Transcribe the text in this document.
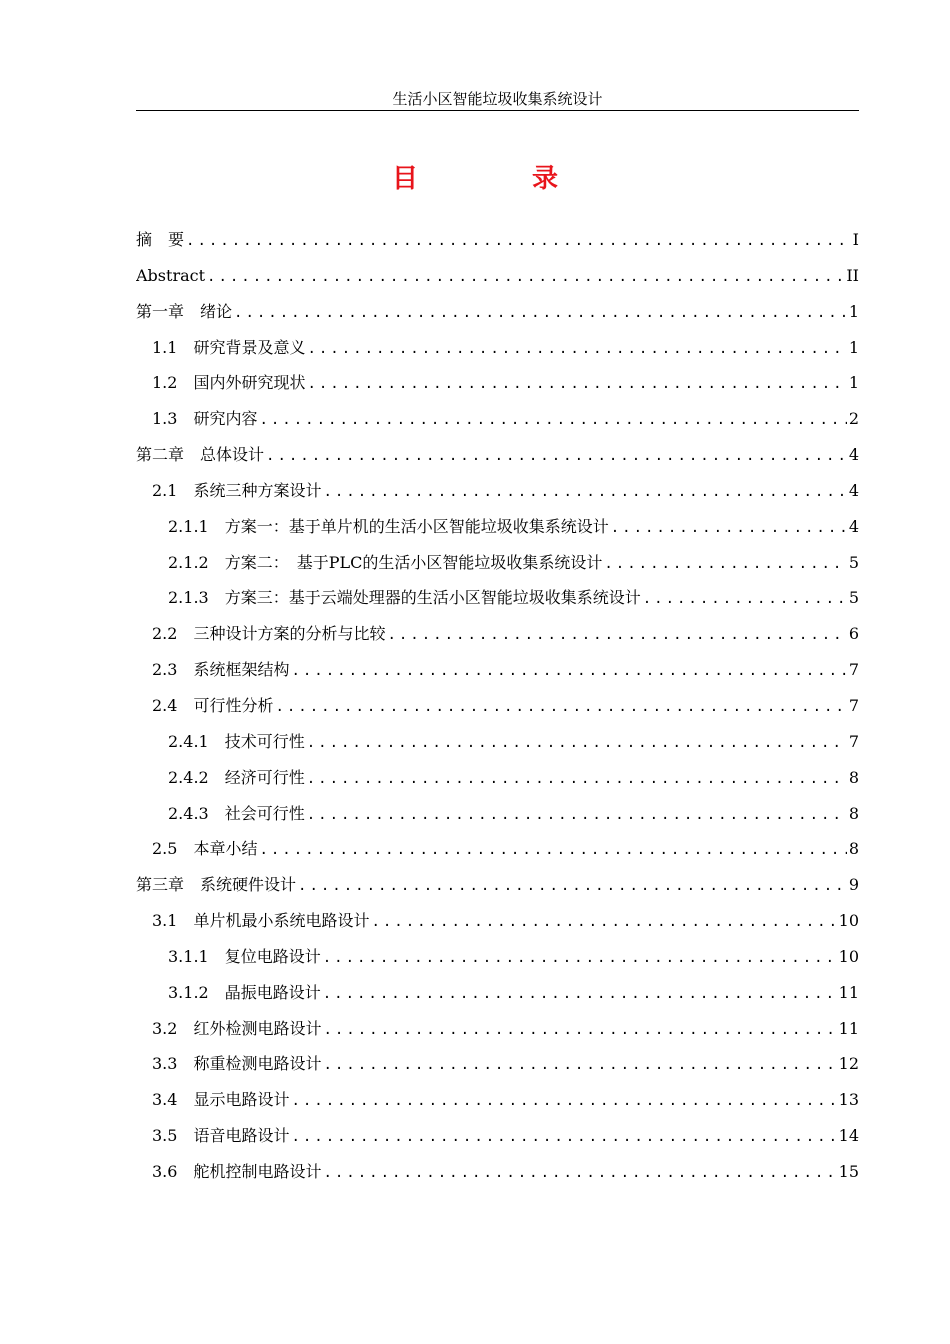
生活小区智能垃圾收集系统设计
目　录
摘　要 .....	I
Abstract .....	II
第一章　绪论 .....	1
1.1　研究背景及意义 .....	1
1.2　国内外研究现状 .....	1
1.3　研究内容 .....	2
第二章　总体设计 .....	4
2.1　系统三种方案设计 .....	4
2.1.1　方案一：基于单片机的生活小区智能垃圾收集系统设计 .....	4
2.1.2　方案二：　基于PLC的生活小区智能垃圾收集系统设计 .....	5
2.1.3　方案三：基于云端处理器的生活小区智能垃圾收集系统设计 .....	5
2.2　三种设计方案的分析与比较 .....	6
2.3　系统框架结构 .....	7
2.4　可行性分析 .....	7
2.4.1　技术可行性 .....	7
2.4.2　经济可行性 .....	8
2.4.3　社会可行性 .....	8
2.5　本章小结 .....	8
第三章　系统硬件设计 .....	9
3.1　单片机最小系统电路设计 .....	10
3.1.1　复位电路设计 .....	10
3.1.2　晶振电路设计 .....	11
3.2　红外检测电路设计 .....	11
3.3　称重检测电路设计 .....	12
3.4　显示电路设计 .....	13
3.5　语音电路设计 .....	14
3.6　舵机控制电路设计 .....	15
